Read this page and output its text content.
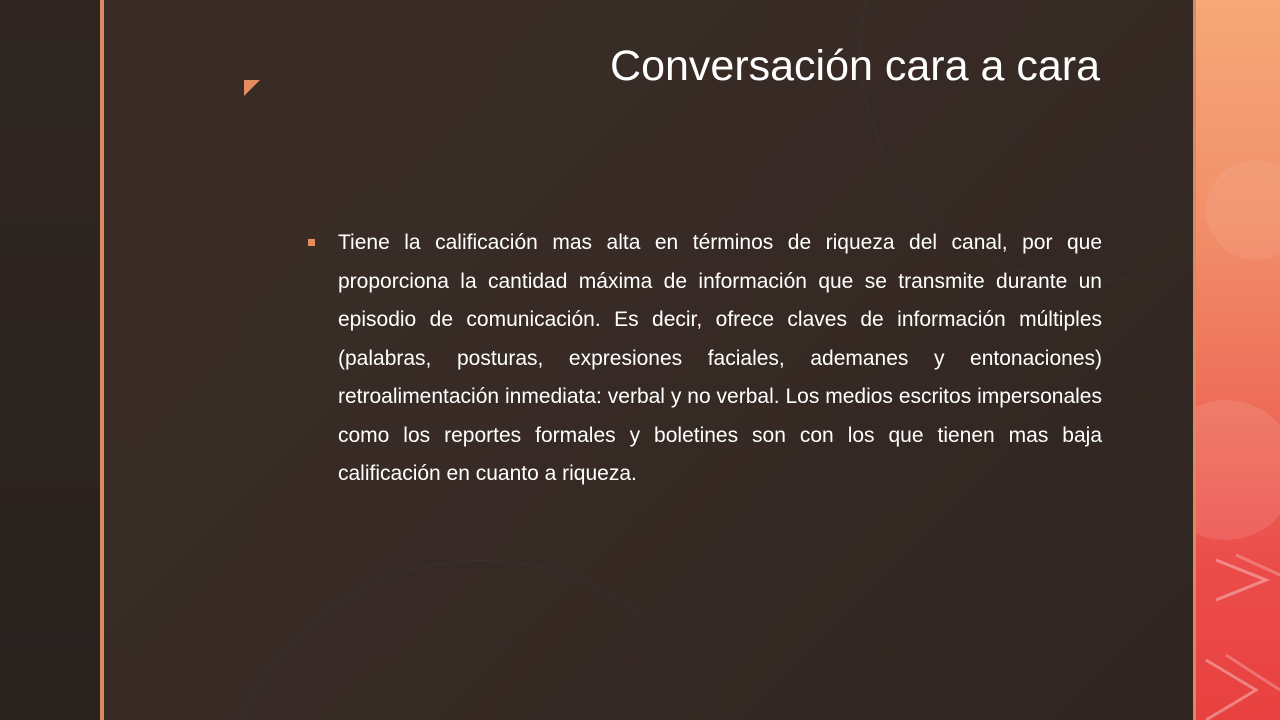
Conversación cara a cara

Tiene la calificación mas alta en términos de riqueza del canal, por que proporciona la cantidad máxima de información que se transmite durante un episodio de comunicación. Es decir, ofrece claves de información múltiples (palabras, posturas, expresiones faciales, ademanes y entonaciones) retroalimentación inmediata: verbal y no verbal. Los medios escritos impersonales como los reportes formales y boletines son con los que tienen mas baja calificación en cuanto a riqueza.
